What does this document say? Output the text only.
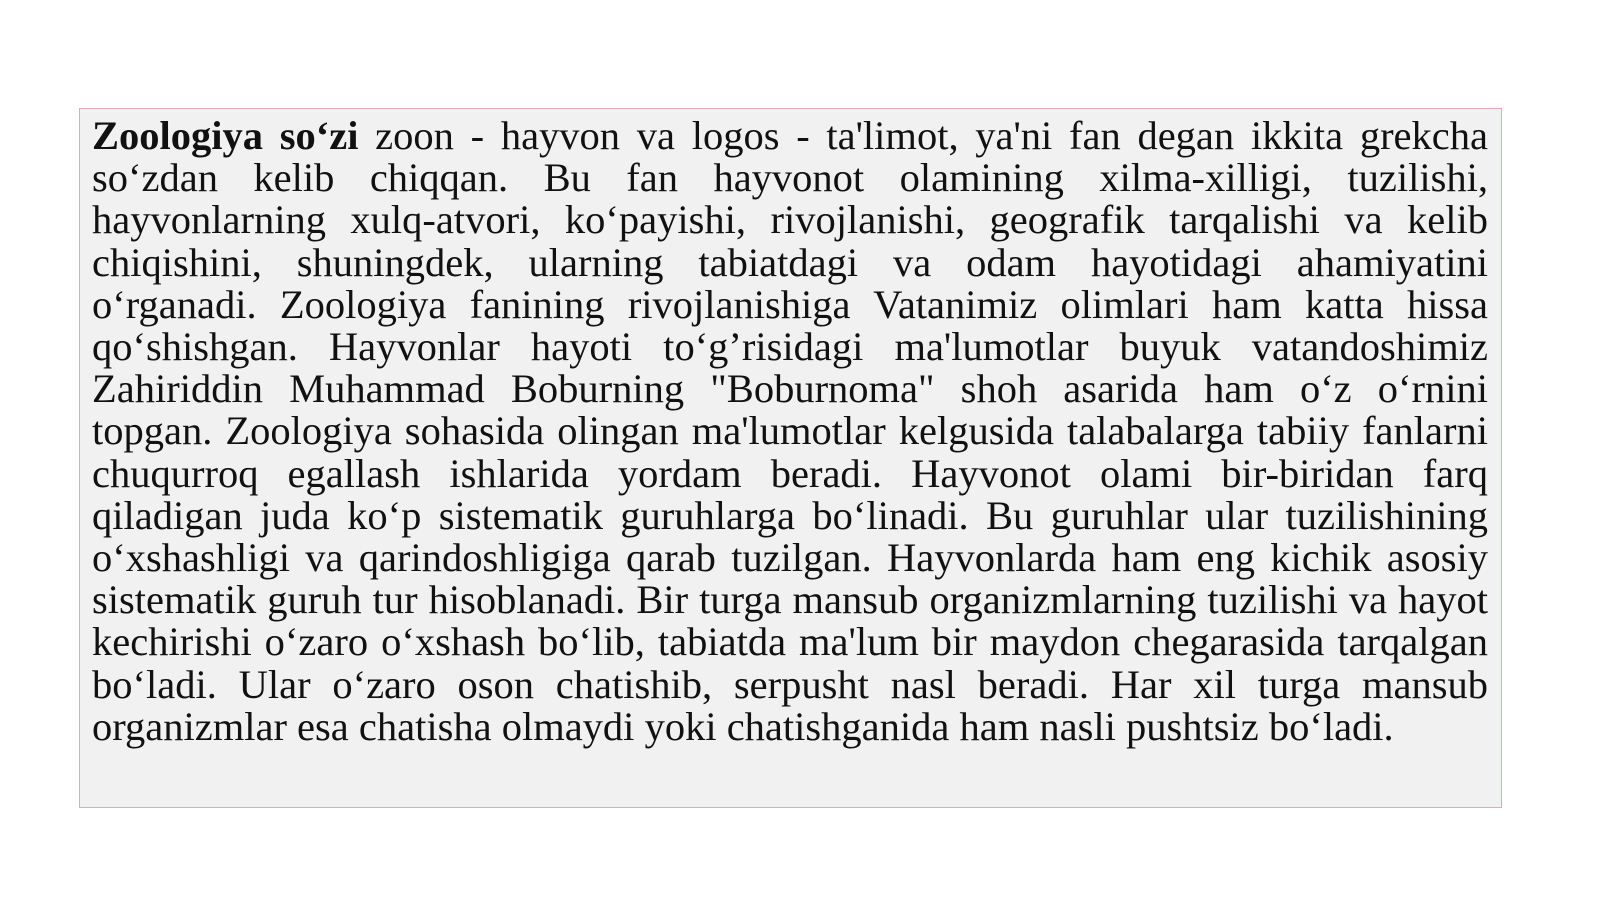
Zoologiya so‘zi zoon - hayvon va logos - ta'limot, ya'ni fan degan ikkita grekcha so‘zdan kelib chiqqan. Bu fan hayvonot olamining xilma-xilligi, tuzilishi, hayvonlarning xulq-atvori, ko‘payishi, rivojlanishi, geografik tarqalishi va kelib chiqishini, shuningdek, ularning tabiatdagi va odam hayotidagi ahamiyatini o‘rganadi. Zoologiya fanining rivojlanishiga Vatanimiz olimlari ham katta hissa qo‘shishgan. Hayvonlar hayoti to‘g’risidagi ma'lumotlar buyuk vatandoshimiz Zahiriddin Muhammad Boburning "Boburnoma" shoh asarida ham o‘z o‘rnini topgan. Zoologiya sohasida olingan ma'lumotlar kelgusida talabalarga tabiiy fanlarni chuqurroq egallash ishlarida yordam beradi. Hayvonot olami bir-biridan farq qiladigan juda ko‘p sistematik guruhlarga bo‘linadi. Bu guruhlar ular tuzilishining o‘xshashligi va qarindoshligiga qarab tuzilgan. Hayvonlarda ham eng kichik asosiy sistematik guruh tur hisoblanadi. Bir turga mansub organizmlarning tuzilishi va hayot kechirishi o‘zaro o‘xshash bo‘lib, tabiatda ma'lum bir maydon chegarasida tarqalgan bo‘ladi. Ular o‘zaro oson chatishib, serpusht nasl beradi. Har xil turga mansub organizmlar esa chatisha olmaydi yoki chatishganida ham nasli pushtsiz bo‘ladi.
